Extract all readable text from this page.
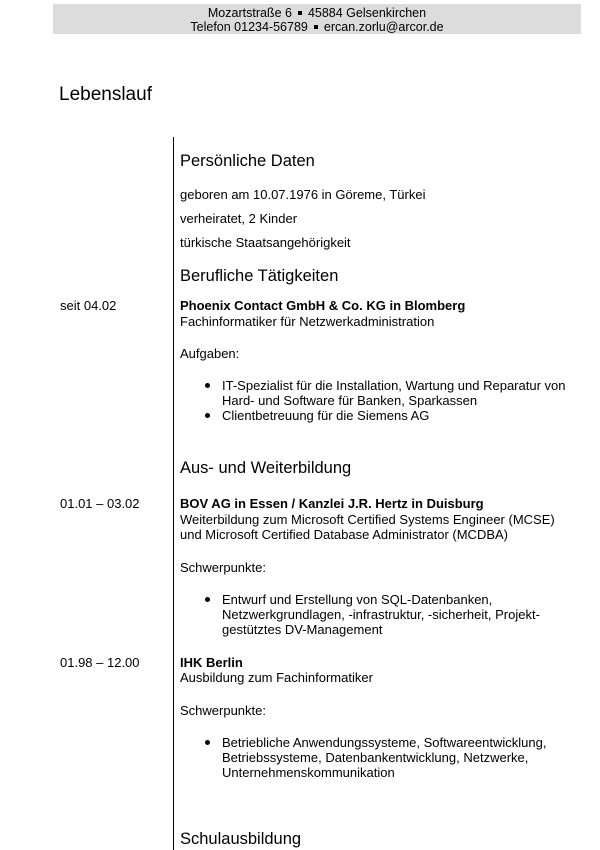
Mozartstraße 6 45884 Gelsenkirchen
Telefon 01234-56789 ercan.zorlu@arcor.de
Lebenslauf
Persönliche Daten
geboren am 10.07.1976 in Göreme, Türkei
verheiratet, 2 Kinder
türkische Staatsangehörigkeit
Berufliche Tätigkeiten
seit 04.02	Phoenix Contact GmbH & Co. KG in Blomberg
Fachinformatiker für Netzwerkadministration
Aufgaben:
IT-Spezialist für die Installation, Wartung und Reparatur von
Hard- und Software für Banken, Sparkassen
Clientbetreuung für die Siemens AG
Aus- und Weiterbildung
01.01 – 03.02	BOV AG in Essen / Kanzlei J.R. Hertz in Duisburg
Weiterbildung zum Microsoft Certified Systems Engineer (MCSE)
und Microsoft Certified Database Administrator (MCDBA)
Schwerpunkte:
Entwurf und Erstellung von SQL-Datenbanken,
Netzwerkgrundlagen, -infrastruktur, -sicherheit, Projekt-
gestütztes DV-Management
01.98 – 12.00	IHK Berlin
Ausbildung zum Fachinformatiker
Schwerpunkte:
Betriebliche Anwendungssysteme, Softwareentwicklung,
Betriebssysteme, Datenbankentwicklung, Netzwerke,
Unternehmenskommunikation
Schulausbildung
